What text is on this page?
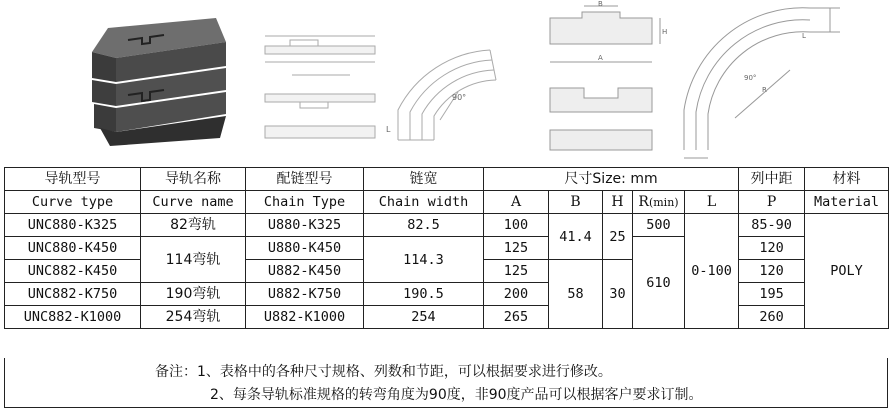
90°
L
B
H
A
90°
R
L
导轨型号	导轨名称	配链型号	链宽	尺寸Size: mm					列中距	材料
Curve type	Curve name	Chain Type	Chain width	A	B	H	R(min)	L	P	Material
UNC880-K325	82弯轨	U880-K325	82.5	100	41.4	25	500	0-100	85-90	POLY
UNC880-K450	114弯轨	U880-K450	114.3	125			610		120	
UNC882-K450		U882-K450		125	58	30			120	
UNC882-K750	190弯轨	U882-K750	190.5	200					195	
UNC882-K1000	254弯轨	U882-K1000	254	265					260	
备注：1、表格中的各种尺寸规格、列数和节距，可以根据要求进行修改。
2、每条导轨标准规格的转弯角度为90度，非90度产品可以根据客户要求订制。
